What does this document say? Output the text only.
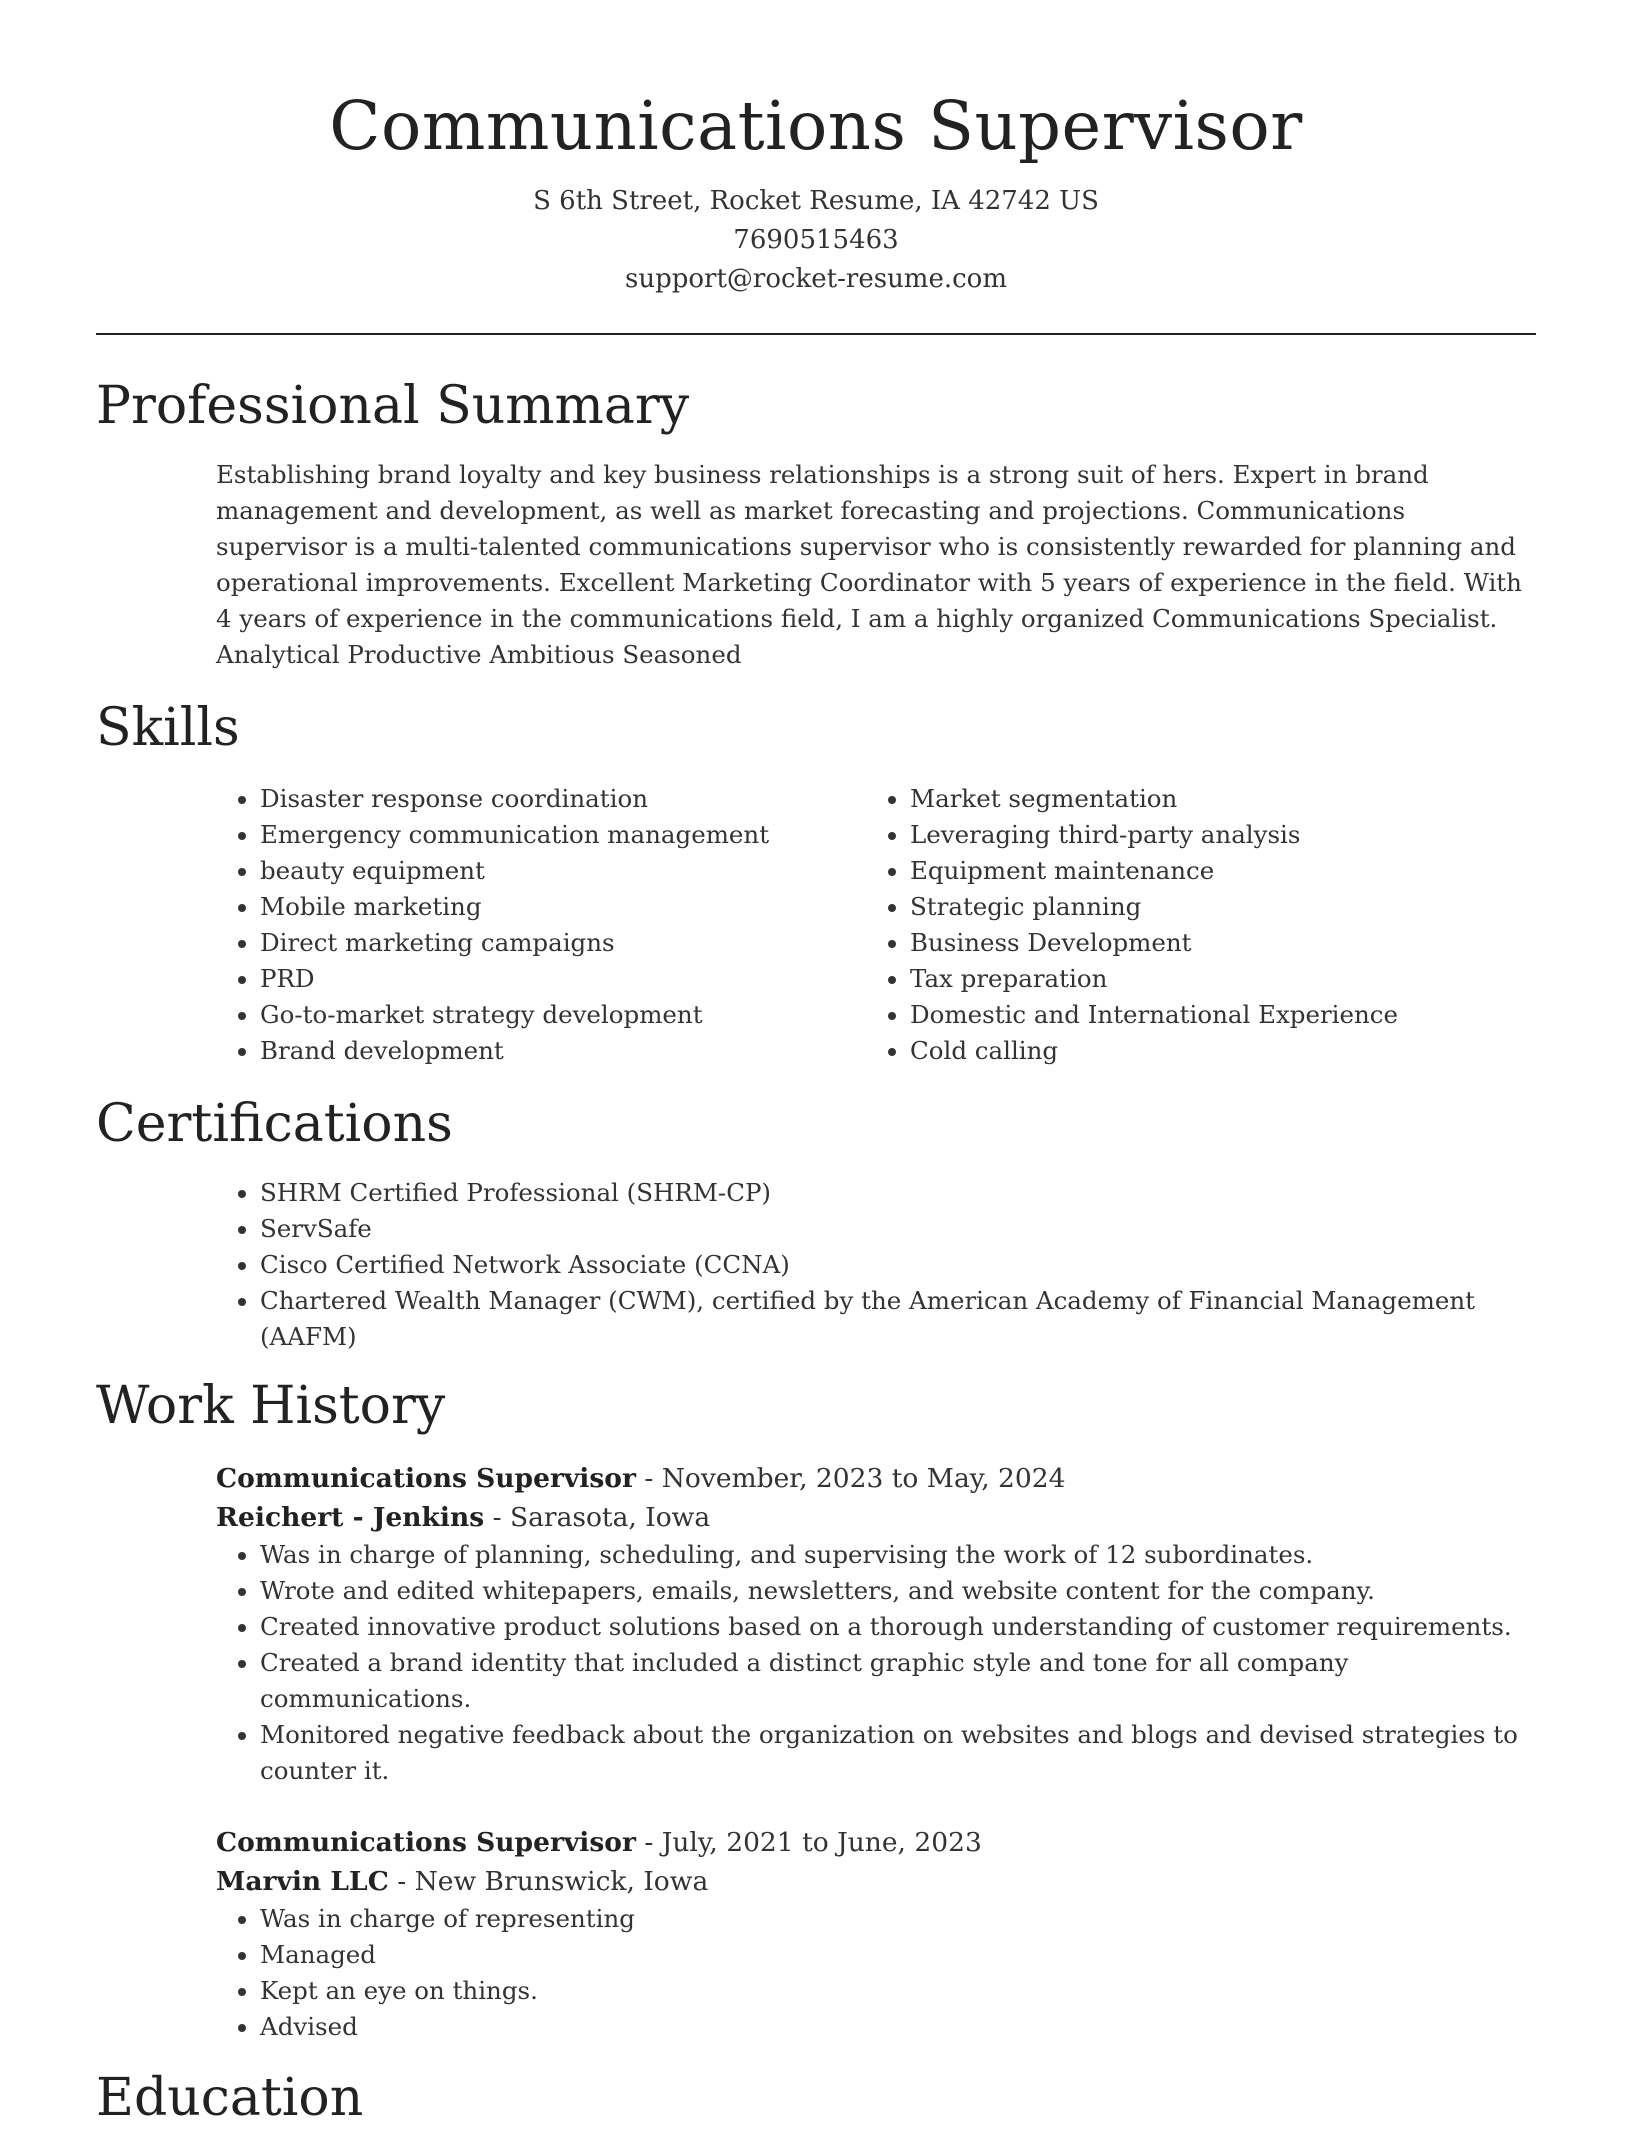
Communications Supervisor
S 6th Street, Rocket Resume, IA 42742 US
7690515463
support@rocket-resume.com
Professional Summary
Establishing brand loyalty and key business relationships is a strong suit of hers. Expert in brand management and development, as well as market forecasting and projections. Communications supervisor is a multi-talented communications supervisor who is consistently rewarded for planning and operational improvements. Excellent Marketing Coordinator with 5 years of experience in the field. With 4 years of experience in the communications field, I am a highly organized Communications Specialist. Analytical Productive Ambitious Seasoned
Skills
• Disaster response coordination
• Emergency communication management
• beauty equipment
• Mobile marketing
• Direct marketing campaigns
• PRD
• Go-to-market strategy development
• Brand development
• Market segmentation
• Leveraging third-party analysis
• Equipment maintenance
• Strategic planning
• Business Development
• Tax preparation
• Domestic and International Experience
• Cold calling
Certifications
• SHRM Certified Professional (SHRM-CP)
• ServSafe
• Cisco Certified Network Associate (CCNA)
• Chartered Wealth Manager (CWM), certified by the American Academy of Financial Management (AAFM)
Work History
Communications Supervisor - November, 2023 to May, 2024
Reichert - Jenkins - Sarasota, Iowa
• Was in charge of planning, scheduling, and supervising the work of 12 subordinates.
• Wrote and edited whitepapers, emails, newsletters, and website content for the company.
• Created innovative product solutions based on a thorough understanding of customer requirements.
• Created a brand identity that included a distinct graphic style and tone for all company communications.
• Monitored negative feedback about the organization on websites and blogs and devised strategies to counter it.
Communications Supervisor - July, 2021 to June, 2023
Marvin LLC - New Brunswick, Iowa
• Was in charge of representing
• Managed
• Kept an eye on things.
• Advised
Education
